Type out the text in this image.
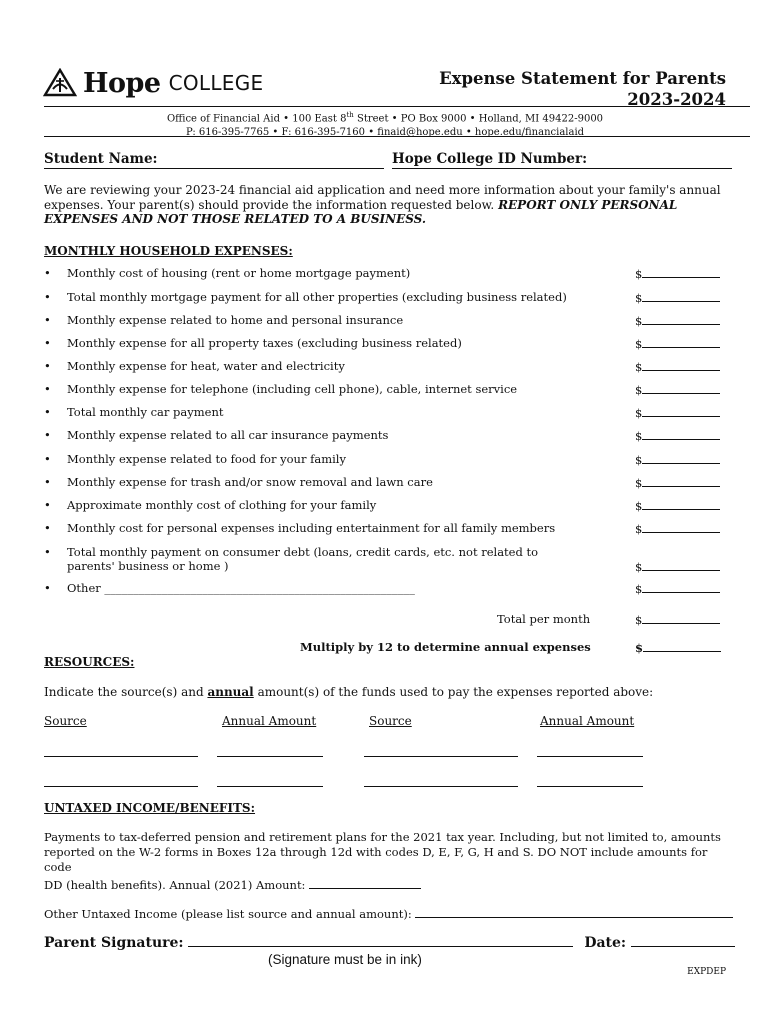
Hope COLLEGE	Expense Statement for Parents
2023-2024
Office of Financial Aid • 100 East 8th Street • PO Box 9000 • Holland, MI 49422-9000
P: 616-395-7765 • F: 616-395-7160 • finaid@hope.edu • hope.edu/financialaid
Student Name:	Hope College ID Number:
We are reviewing your 2023-24 financial aid application and need more information about your family's annual expenses. Your parent(s) should provide the information requested below. REPORT ONLY PERSONAL EXPENSES AND NOT THOSE RELATED TO A BUSINESS.
MONTHLY HOUSEHOLD EXPENSES:
• Monthly cost of housing (rent or home mortgage payment)	$
• Total monthly mortgage payment for all other properties (excluding business related)	$
• Monthly expense related to home and personal insurance	$
• Monthly expense for all property taxes (excluding business related)	$
• Monthly expense for heat, water and electricity	$
• Monthly expense for telephone (including cell phone), cable, internet service	$
• Total monthly car payment	$
• Monthly expense related to all car insurance payments	$
• Monthly expense related to food for your family	$
• Monthly expense for trash and/or snow removal and lawn care	$
• Approximate monthly cost of clothing for your family	$
• Monthly cost for personal expenses including entertainment for all family members	$
• Total monthly payment on consumer debt (loans, credit cards, etc. not related to parents' business or home )	$
• Other ______________________________________________________	$
Total per month	$
Multiply by 12 to determine annual expenses	$
RESOURCES:
Indicate the source(s) and annual amount(s) of the funds used to pay the expenses reported above:
Source	Annual Amount	Source	Annual Amount
UNTAXED INCOME/BENEFITS:
Payments to tax-deferred pension and retirement plans for the 2021 tax year. Including, but not limited to, amounts reported on the W-2 forms in Boxes 12a through 12d with codes D, E, F, G, H and S. DO NOT include amounts for code
DD (health benefits). Annual (2021) Amount:
Other Untaxed Income (please list source and annual amount):
Parent Signature:	Date:
(Signature must be in ink)
EXPDEP
